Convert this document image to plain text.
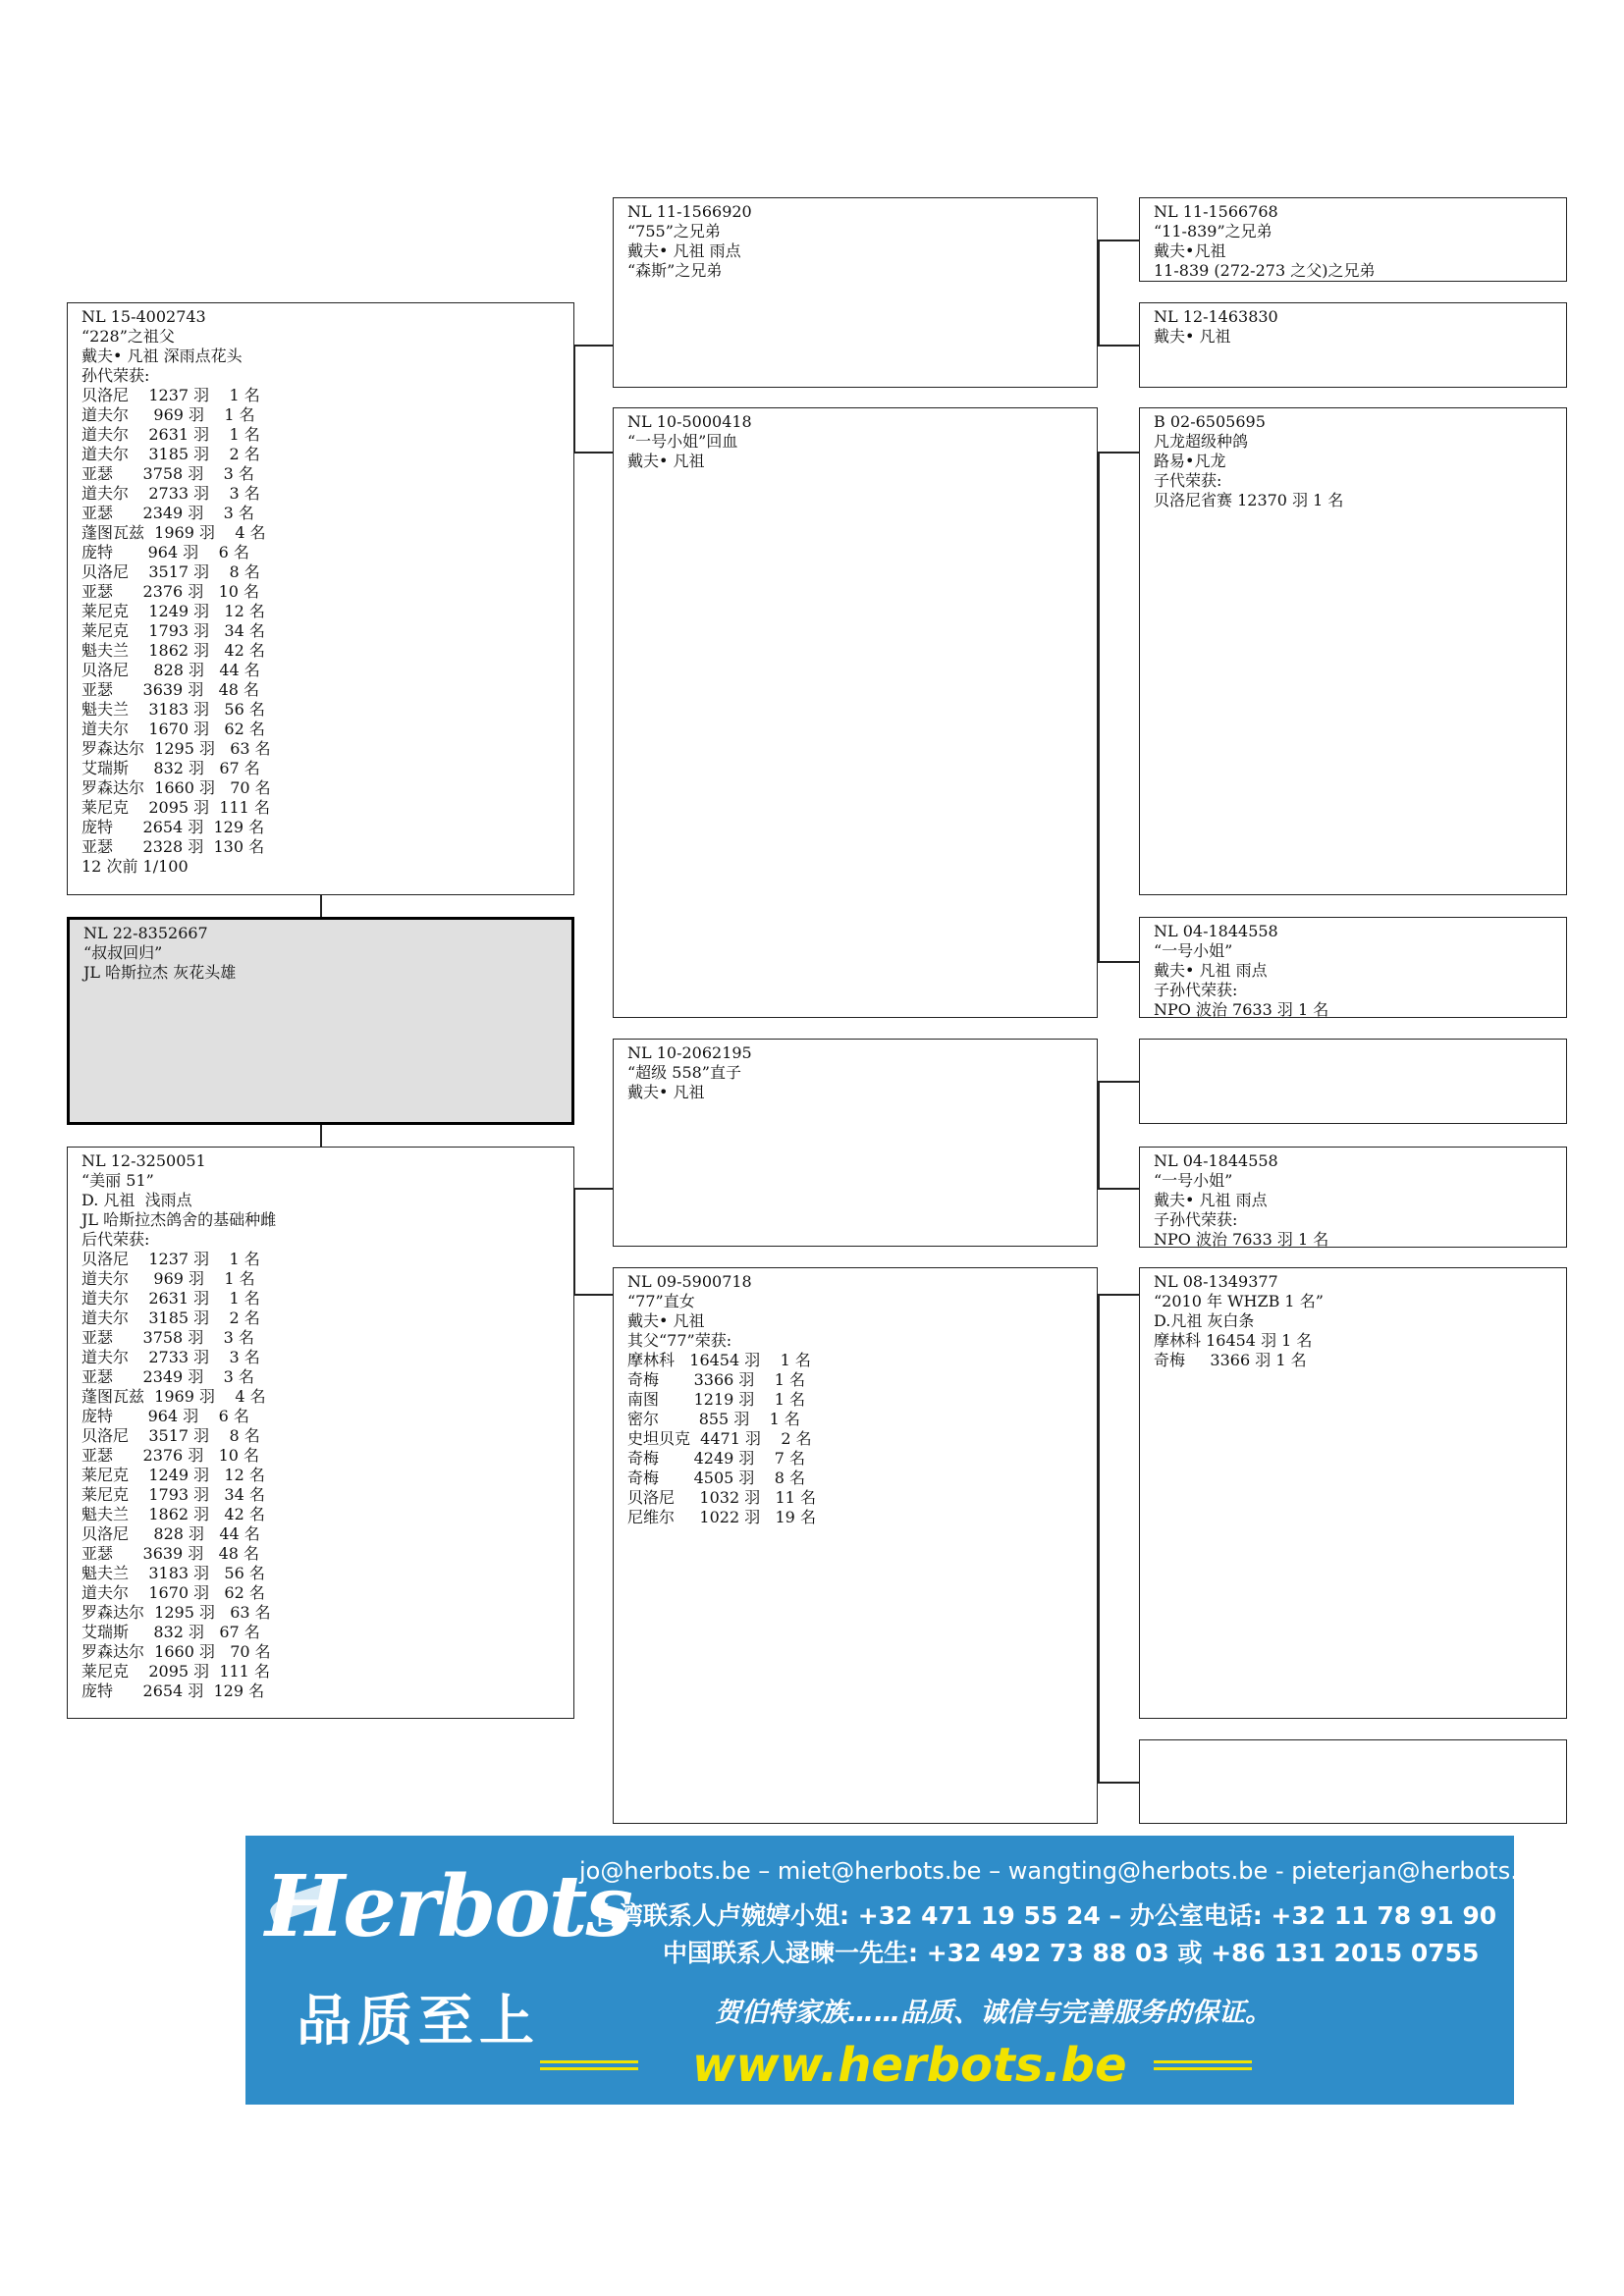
NL 15-4002743
“228”之祖父
戴夫• 凡祖 深雨点花头
孙代荣获:
贝洛尼    1237 羽    1 名
道夫尔     969 羽    1 名
道夫尔    2631 羽    1 名
道夫尔    3185 羽    2 名
亚瑟      3758 羽    3 名
道夫尔    2733 羽    3 名
亚瑟      2349 羽    3 名
蓬图瓦兹  1969 羽    4 名
庞特       964 羽    6 名
贝洛尼    3517 羽    8 名
亚瑟      2376 羽   10 名
莱尼克    1249 羽   12 名
莱尼克    1793 羽   34 名
魁夫兰    1862 羽   42 名
贝洛尼     828 羽   44 名
亚瑟      3639 羽   48 名
魁夫兰    3183 羽   56 名
道夫尔    1670 羽   62 名
罗森达尔  1295 羽   63 名
艾瑞斯     832 羽   67 名
罗森达尔  1660 羽   70 名
莱尼克    2095 羽  111 名
庞特      2654 羽  129 名
亚瑟      2328 羽  130 名
12 次前 1/100
NL 22-8352667
“叔叔回归”
JL 哈斯拉杰 灰花头雄
NL 12-3250051
“美丽 51”
D. 凡祖  浅雨点
JL 哈斯拉杰鸽舍的基础种雌
后代荣获:
贝洛尼    1237 羽    1 名
道夫尔     969 羽    1 名
道夫尔    2631 羽    1 名
道夫尔    3185 羽    2 名
亚瑟      3758 羽    3 名
道夫尔    2733 羽    3 名
亚瑟      2349 羽    3 名
蓬图瓦兹  1969 羽    4 名
庞特       964 羽    6 名
贝洛尼    3517 羽    8 名
亚瑟      2376 羽   10 名
莱尼克    1249 羽   12 名
莱尼克    1793 羽   34 名
魁夫兰    1862 羽   42 名
贝洛尼     828 羽   44 名
亚瑟      3639 羽   48 名
魁夫兰    3183 羽   56 名
道夫尔    1670 羽   62 名
罗森达尔  1295 羽   63 名
艾瑞斯     832 羽   67 名
罗森达尔  1660 羽   70 名
莱尼克    2095 羽  111 名
庞特      2654 羽  129 名
NL 11-1566920
“755”之兄弟
戴夫• 凡祖 雨点
“森斯”之兄弟
NL 10-5000418
“一号小姐”回血
戴夫• 凡祖
NL 10-2062195
“超级 558”直子
戴夫• 凡祖
NL 09-5900718
“77”直女
戴夫• 凡祖
其父“77”荣获:
摩林科   16454 羽    1 名
奇梅       3366 羽    1 名
南图       1219 羽    1 名
密尔        855 羽    1 名
史坦贝克  4471 羽    2 名
奇梅       4249 羽    7 名
奇梅       4505 羽    8 名
贝洛尼     1032 羽   11 名
尼维尔     1022 羽   19 名
NL 11-1566768
“11-839”之兄弟
戴夫•凡祖
11-839 (272-273 之父)之兄弟
NL 12-1463830
戴夫• 凡祖
B 02-6505695
凡龙超级种鸽
路易•凡龙
子代荣获:
贝洛尼省赛 12370 羽 1 名
NL 04-1844558
“一号小姐”
戴夫• 凡祖 雨点
子孙代荣获:
NPO 波治 7633 羽 1 名
NL 04-1844558
“一号小姐”
戴夫• 凡祖 雨点
子孙代荣获:
NPO 波治 7633 羽 1 名
NL 08-1349377
“2010 年 WHZB 1 名”
D.凡祖 灰白条
摩林科 16454 羽 1 名
奇梅     3366 羽 1 名
Herbots
品质至上
jo@herbots.be – miet@herbots.be – wangting@herbots.be - pieterjan@herbots.be
台湾联系人卢婉婷小姐: +32 471 19 55 24 – 办公室电话: +32 11 78 91 90
中国联系人逯暕一先生: +32 492 73 88 03 或 +86 131 2015 0755
贺伯特家族……品质、诚信与完善服务的保证。
www.herbots.be
